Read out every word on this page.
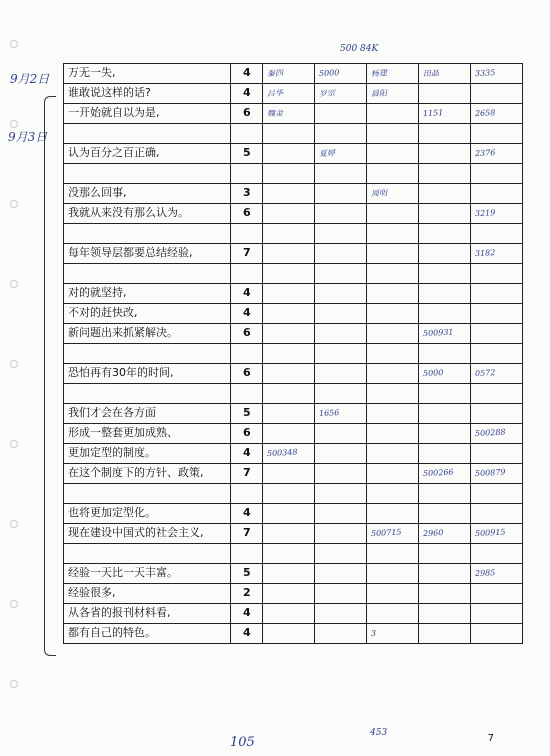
9月2日
9月3日
500 84K
万无一失,	4	秦四	5000	杨建	田晶	3335

谁敢说这样的话?	4	吕华	岁宗	晨阳		

一开始就自以为是,	6	魏金			1151	2658

认为百分之百正确,	5		夏婷			2376

没那么回事,	3			周明		

我就从来没有那么认为。	6					3219

每年领导层都要总结经验,	7					3182

对的就坚持,	4	

不对的赶快改,	4	

新问题出来抓紧解决。	6				500931	

恐怕再有30年的时间,	6				5000	0572

我们才会在各方面	5		1656			

形成一整套更加成熟、	6					500288

更加定型的制度。	4	500348				

在这个制度下的方针、政策,	7				500266	500879

也将更加定型化。	4	

现在建设中国式的社会主义,	7			500715	2960	500915

经验一天比一天丰富。	5					2985

经验很多,	2	

从各省的报刊材料看,	4	

都有自己的特色。	4			3		

105
453	7
